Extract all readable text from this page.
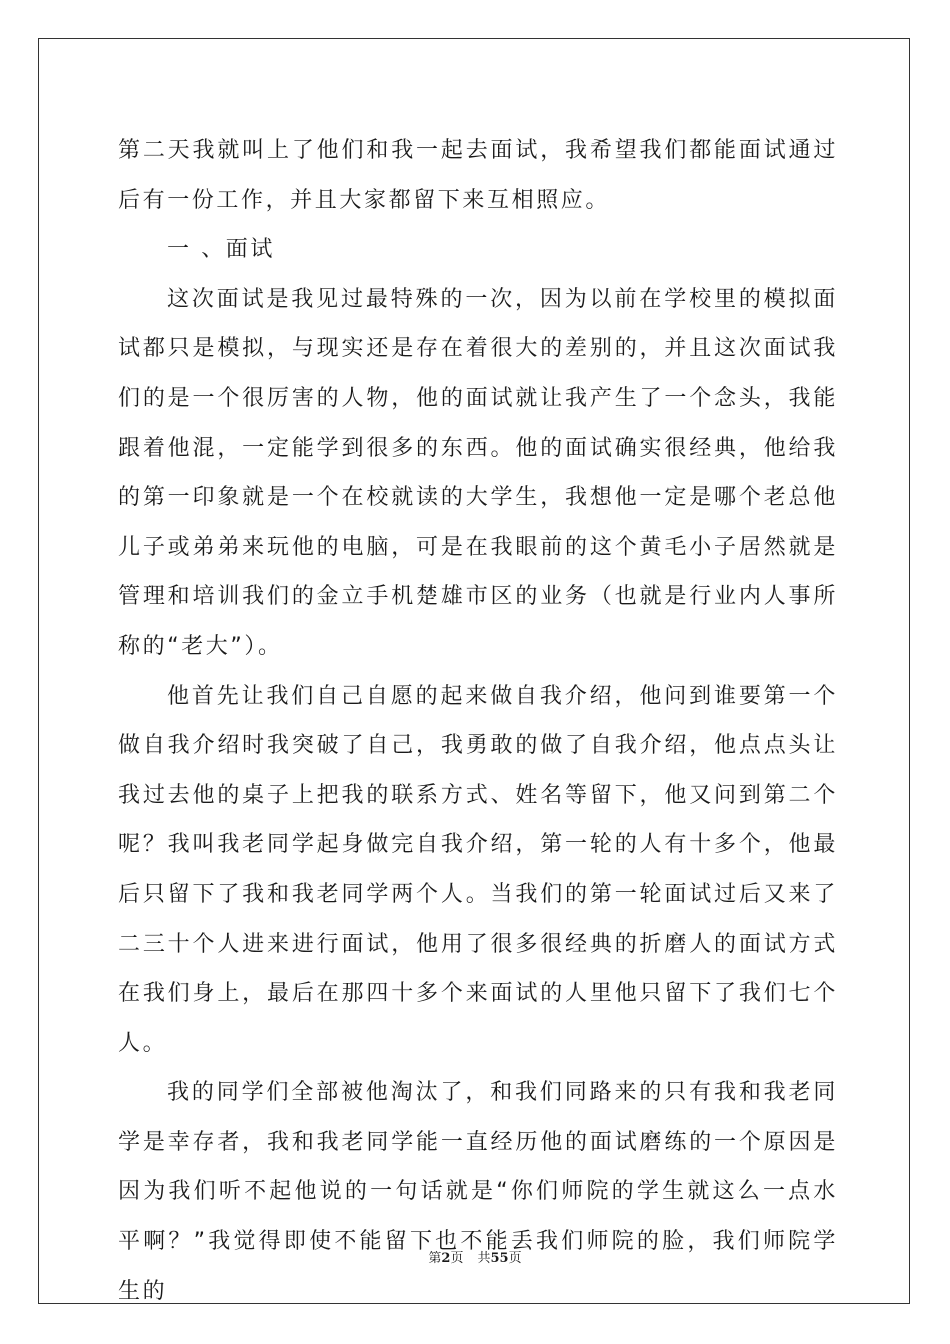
第二天我就叫上了他们和我一起去面试，我希望我们都能面试通过后有一份工作，并且大家都留下来互相照应。

一 、面试

这次面试是我见过最特殊的一次，因为以前在学校里的模拟面试都只是模拟，与现实还是存在着很大的差别的，并且这次面试我们的是一个很厉害的人物，他的面试就让我产生了一个念头，我能跟着他混，一定能学到很多的东西。他的面试确实很经典，他给我的第一印象就是一个在校就读的大学生，我想他一定是哪个老总他儿子或弟弟来玩他的电脑，可是在我眼前的这个黄毛小子居然就是管理和培训我们的金立手机楚雄市区的业务（也就是行业内人事所称的“老大”）。

他首先让我们自己自愿的起来做自我介绍，他问到谁要第一个做自我介绍时我突破了自己，我勇敢的做了自我介绍，他点点头让我过去他的桌子上把我的联系方式、姓名等留下，他又问到第二个呢？我叫我老同学起身做完自我介绍，第一轮的人有十多个，他最后只留下了我和我老同学两个人。当我们的第一轮面试过后又来了二三十个人进来进行面试，他用了很多很经典的折磨人的面试方式在我们身上，最后在那四十多个来面试的人里他只留下了我们七个人。

我的同学们全部被他淘汰了，和我们同路来的只有我和我老同学是幸存者，我和我老同学能一直经历他的面试磨练的一个原因是因为我们听不起他说的一句话就是“你们师院的学生就这么一点水平啊？”我觉得即使不能留下也不能丢我们师院的脸，我们师院学生的

第2页 共55页
